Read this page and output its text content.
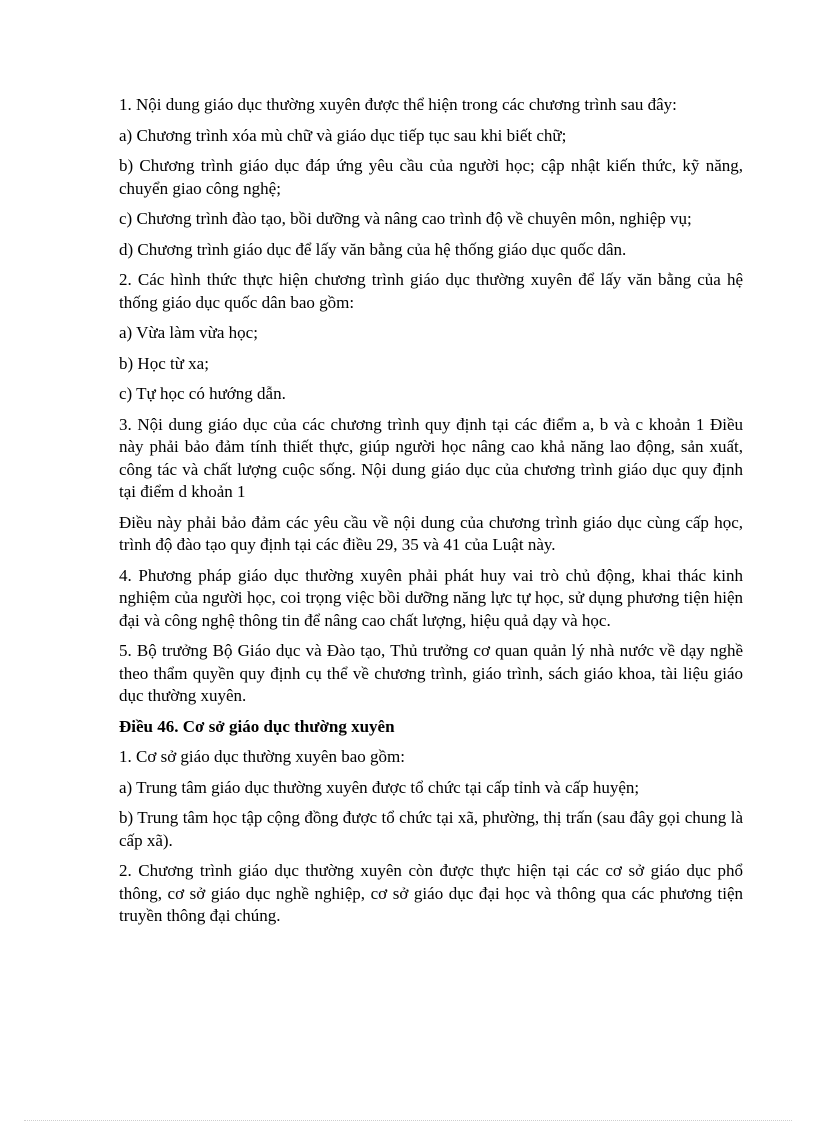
1. Nội dung giáo dục thường xuyên được thể hiện trong các chương trình sau đây:

a) Chương trình xóa mù chữ và giáo dục tiếp tục sau khi biết chữ;

b) Chương trình giáo dục đáp ứng yêu cầu của người học; cập nhật kiến thức, kỹ năng, chuyển giao công nghệ;

c) Chương trình đào tạo, bồi dưỡng và nâng cao trình độ về chuyên môn, nghiệp vụ;

d) Chương trình giáo dục để lấy văn bằng của hệ thống giáo dục quốc dân.

2. Các hình thức thực hiện chương trình giáo dục thường xuyên để lấy văn bằng của hệ thống giáo dục quốc dân bao gồm:

a) Vừa làm vừa học;

b) Học từ xa;

c) Tự học có hướng dẫn.

3. Nội dung giáo dục của các chương trình quy định tại các điểm a, b và c khoản 1 Điều này phải bảo đảm tính thiết thực, giúp người học nâng cao khả năng lao động, sản xuất, công tác và chất lượng cuộc sống. Nội dung giáo dục của chương trình giáo dục quy định tại điểm d khoản 1

Điều này phải bảo đảm các yêu cầu về nội dung của chương trình giáo dục cùng cấp học, trình độ đào tạo quy định tại các điều 29, 35 và 41 của Luật này.

4. Phương pháp giáo dục thường xuyên phải phát huy vai trò chủ động, khai thác kinh nghiệm của người học, coi trọng việc bồi dưỡng năng lực tự học, sử dụng phương tiện hiện đại và công nghệ thông tin để nâng cao chất lượng, hiệu quả dạy và học.

5. Bộ trưởng Bộ Giáo dục và Đào tạo, Thủ trưởng cơ quan quản lý nhà nước về dạy nghề theo thẩm quyền quy định cụ thể về chương trình, giáo trình, sách giáo khoa, tài liệu giáo dục thường xuyên.

Điều 46. Cơ sở giáo dục thường xuyên

1. Cơ sở giáo dục thường xuyên bao gồm:

a) Trung tâm giáo dục thường xuyên được tổ chức tại cấp tỉnh và cấp huyện;

b) Trung tâm học tập cộng đồng được tổ chức tại xã, phường, thị trấn (sau đây gọi chung là cấp xã).

2. Chương trình giáo dục thường xuyên còn được thực hiện tại các cơ sở giáo dục phổ thông, cơ sở giáo dục nghề nghiệp, cơ sở giáo dục đại học và thông qua các phương tiện truyền thông đại chúng.
